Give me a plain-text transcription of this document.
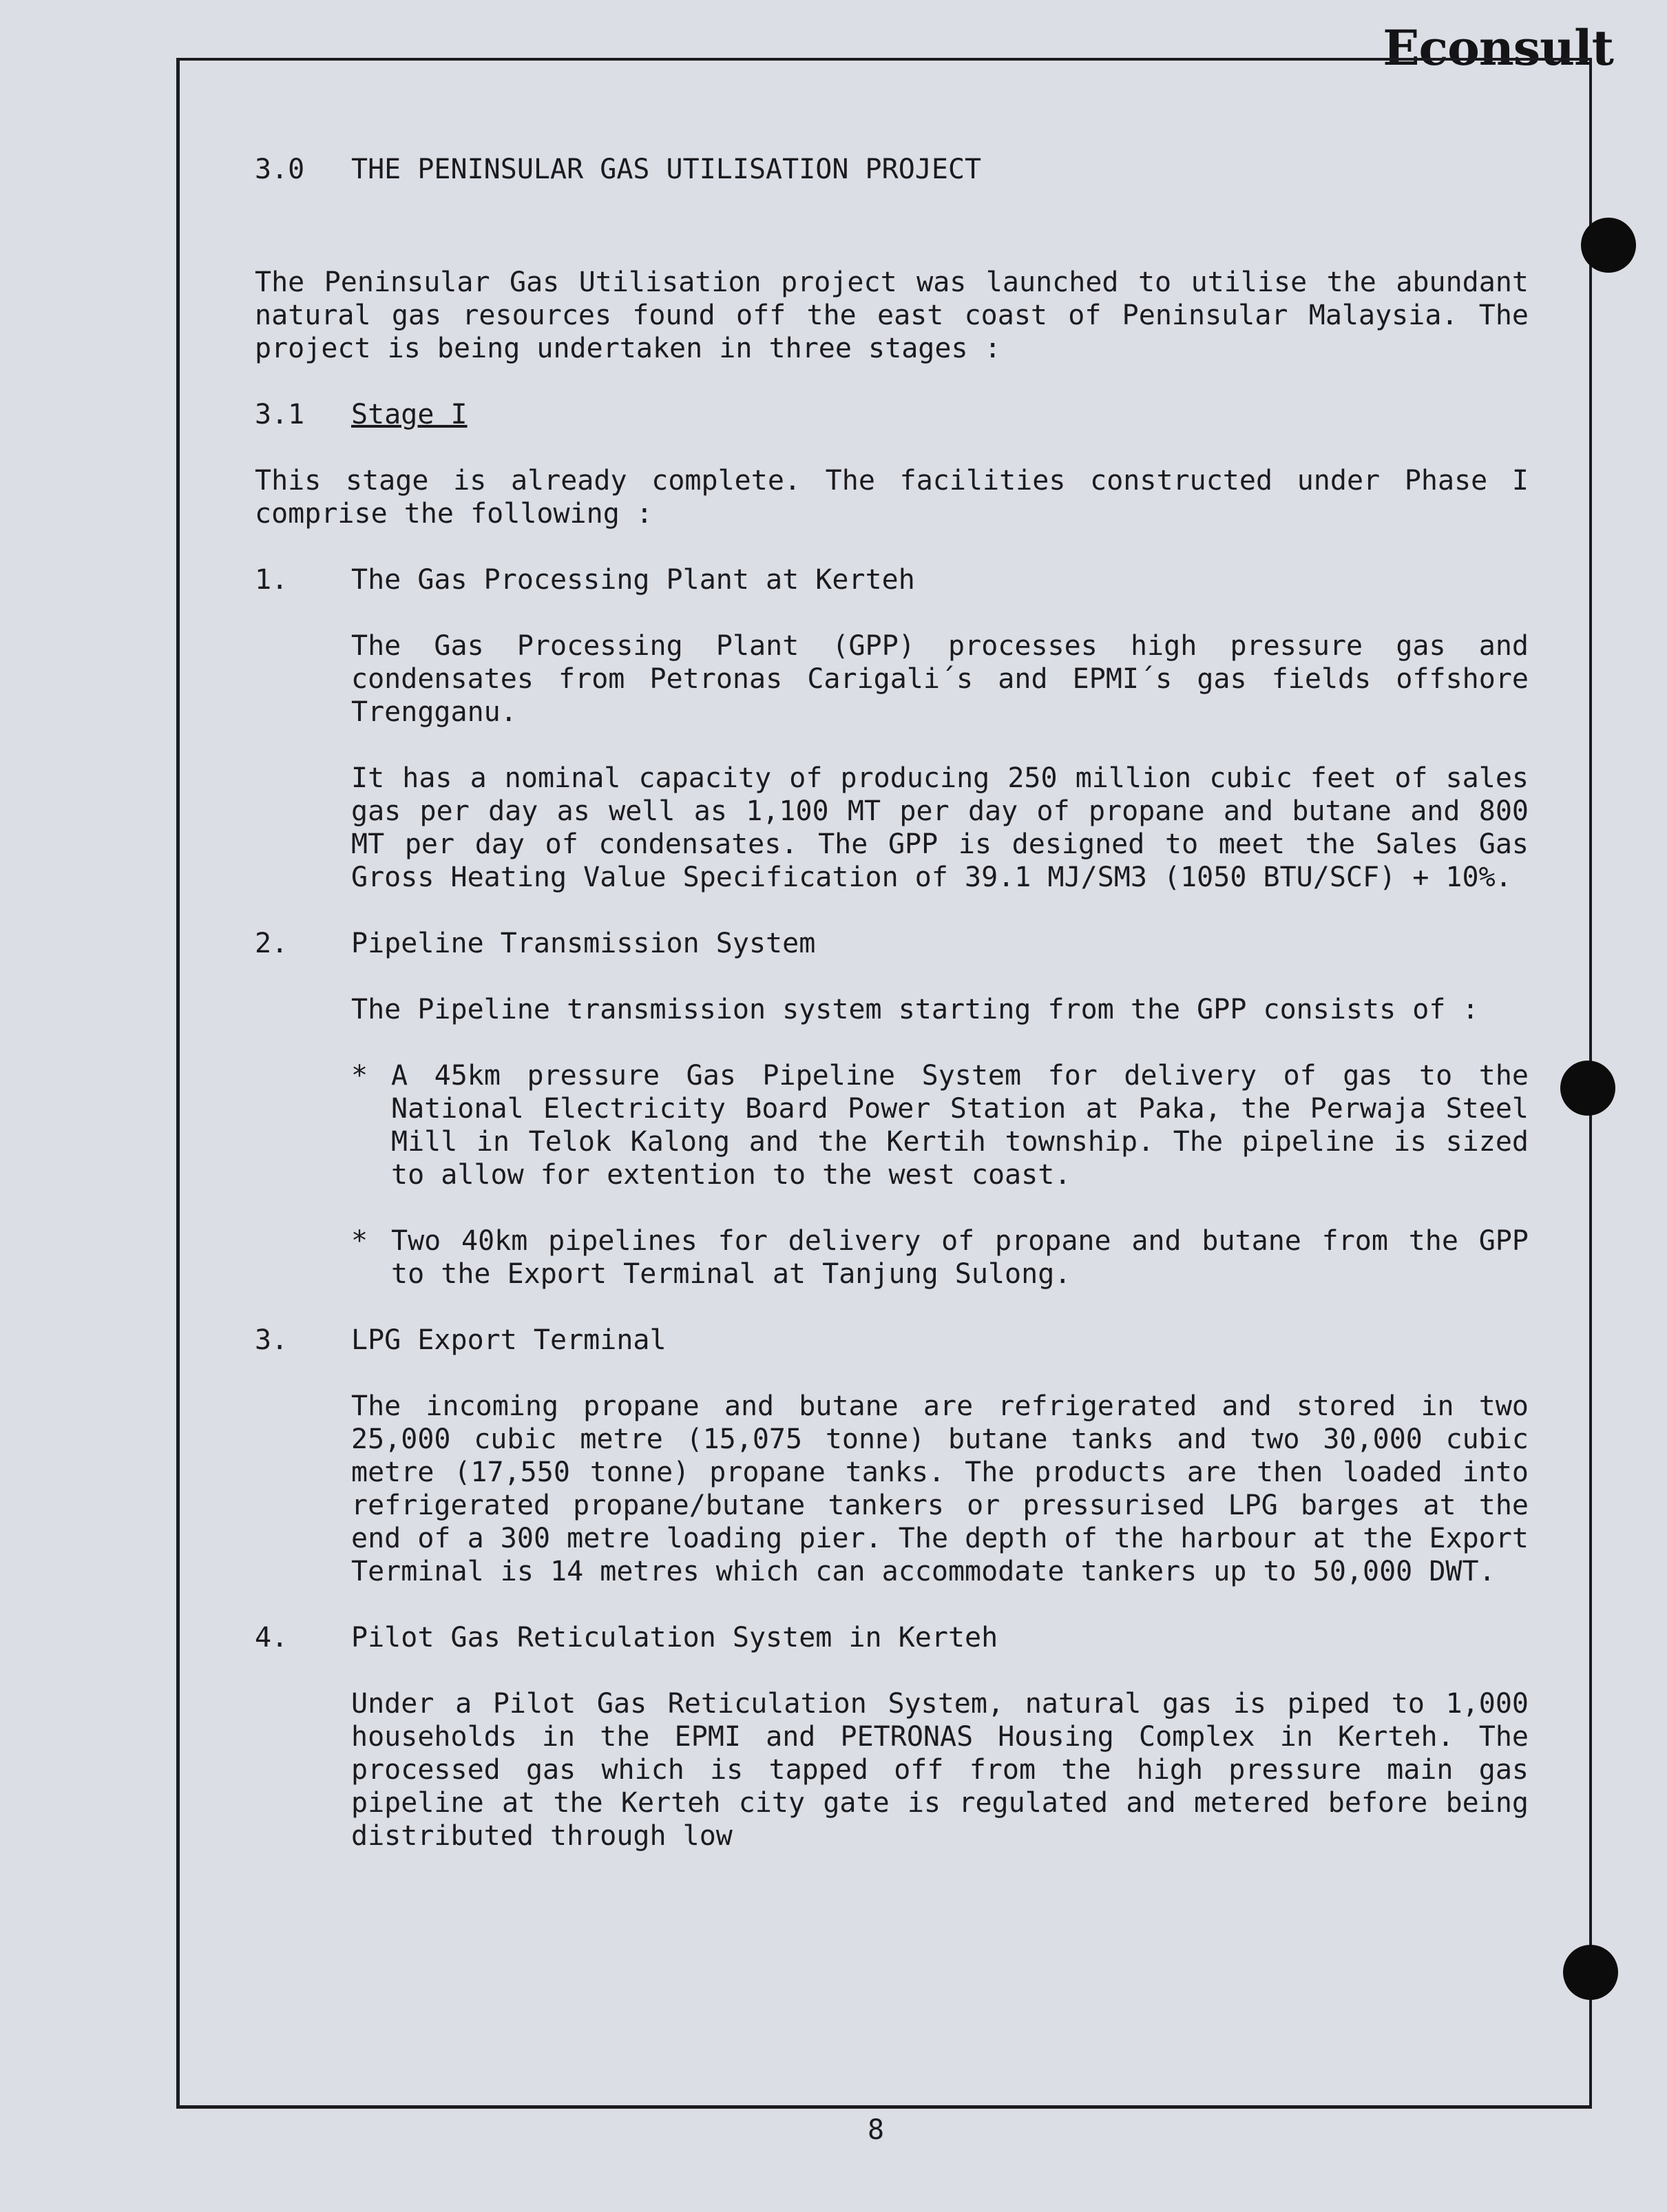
Econsult
3.0 THE PENINSULAR GAS UTILISATION PROJECT
The Peninsular Gas Utilisation project was launched to utilise the abundant natural gas resources found off the east coast of Peninsular Malaysia. The project is being undertaken in three stages :
3.1 Stage I
This stage is already complete. The facilities constructed under Phase I comprise the following :
1. The Gas Processing Plant at Kerteh
The Gas Processing Plant (GPP) processes high pressure gas and condensates from Petronas Carigali´s and EPMI´s gas fields offshore Trengganu.
It has a nominal capacity of producing 250 million cubic feet of sales gas per day as well as 1,100 MT per day of propane and butane and 800 MT per day of condensates. The GPP is designed to meet the Sales Gas Gross Heating Value Specification of 39.1 MJ/SM3 (1050 BTU/SCF) + 10%.
2. Pipeline Transmission System
The Pipeline transmission system starting from the GPP consists of :
* A 45km pressure Gas Pipeline System for delivery of gas to the National Electricity Board Power Station at Paka, the Perwaja Steel Mill in Telok Kalong and the Kertih township. The pipeline is sized to allow for extention to the west coast.
* Two 40km pipelines for delivery of propane and butane from the GPP to the Export Terminal at Tanjung Sulong.
3. LPG Export Terminal
The incoming propane and butane are refrigerated and stored in two 25,000 cubic metre (15,075 tonne) butane tanks and two 30,000 cubic metre (17,550 tonne) propane tanks. The products are then loaded into refrigerated propane/butane tankers or pressurised LPG barges at the end of a 300 metre loading pier. The depth of the harbour at the Export Terminal is 14 metres which can accommodate tankers up to 50,000 DWT.
4. Pilot Gas Reticulation System in Kerteh
Under a Pilot Gas Reticulation System, natural gas is piped to 1,000 households in the EPMI and PETRONAS Housing Complex in Kerteh. The processed gas which is tapped off from the high pressure main gas pipeline at the Kerteh city gate is regulated and metered before being distributed through low
8
